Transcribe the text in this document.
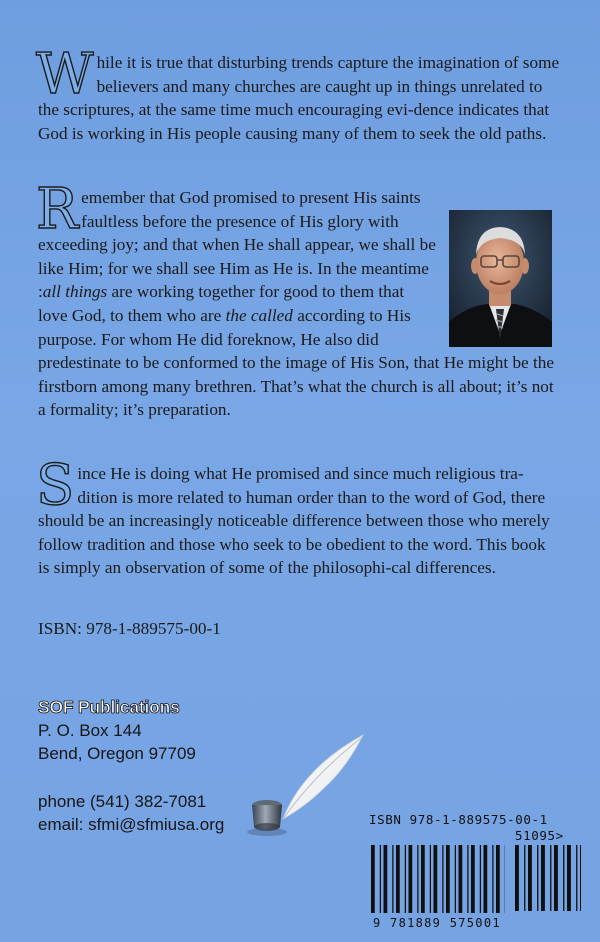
While it is true that disturbing trends capture the imagination of some believers and many churches are caught up in things unrelated to the scriptures, at the same time much encouraging evi-dence indicates that God is working in His people causing many of them to seek the old paths.

Remember that God promised to present His saints faultless before the presence of His glory with exceeding joy; and that when He shall appear, we shall be like Him; for we shall see Him as He is. In the meantime :all things are working together for good to them that love God, to them who are the called according to His purpose. For whom He did foreknow, He also did predestinate to be conformed to the image of His Son, that He might be the firstborn among many brethren. That’s what the church is all about; it’s not a formality; it’s preparation.

Since He is doing what He promised and since much religious tra-dition is more related to human order than to the word of God, there should be an increasingly noticeable difference between those who merely follow tradition and those who seek to be obedient to the word. This book is simply an observation of some of the philosophi-cal differences.

ISBN: 978-1-889575-00-1
SOF Publications
P. O. Box 144
Bend, Oregon 97709
phone (541) 382-7081
email: sfmi@sfmiusa.org	ISBN 978-1-889575-00-1
51095>
9 781889 575001
